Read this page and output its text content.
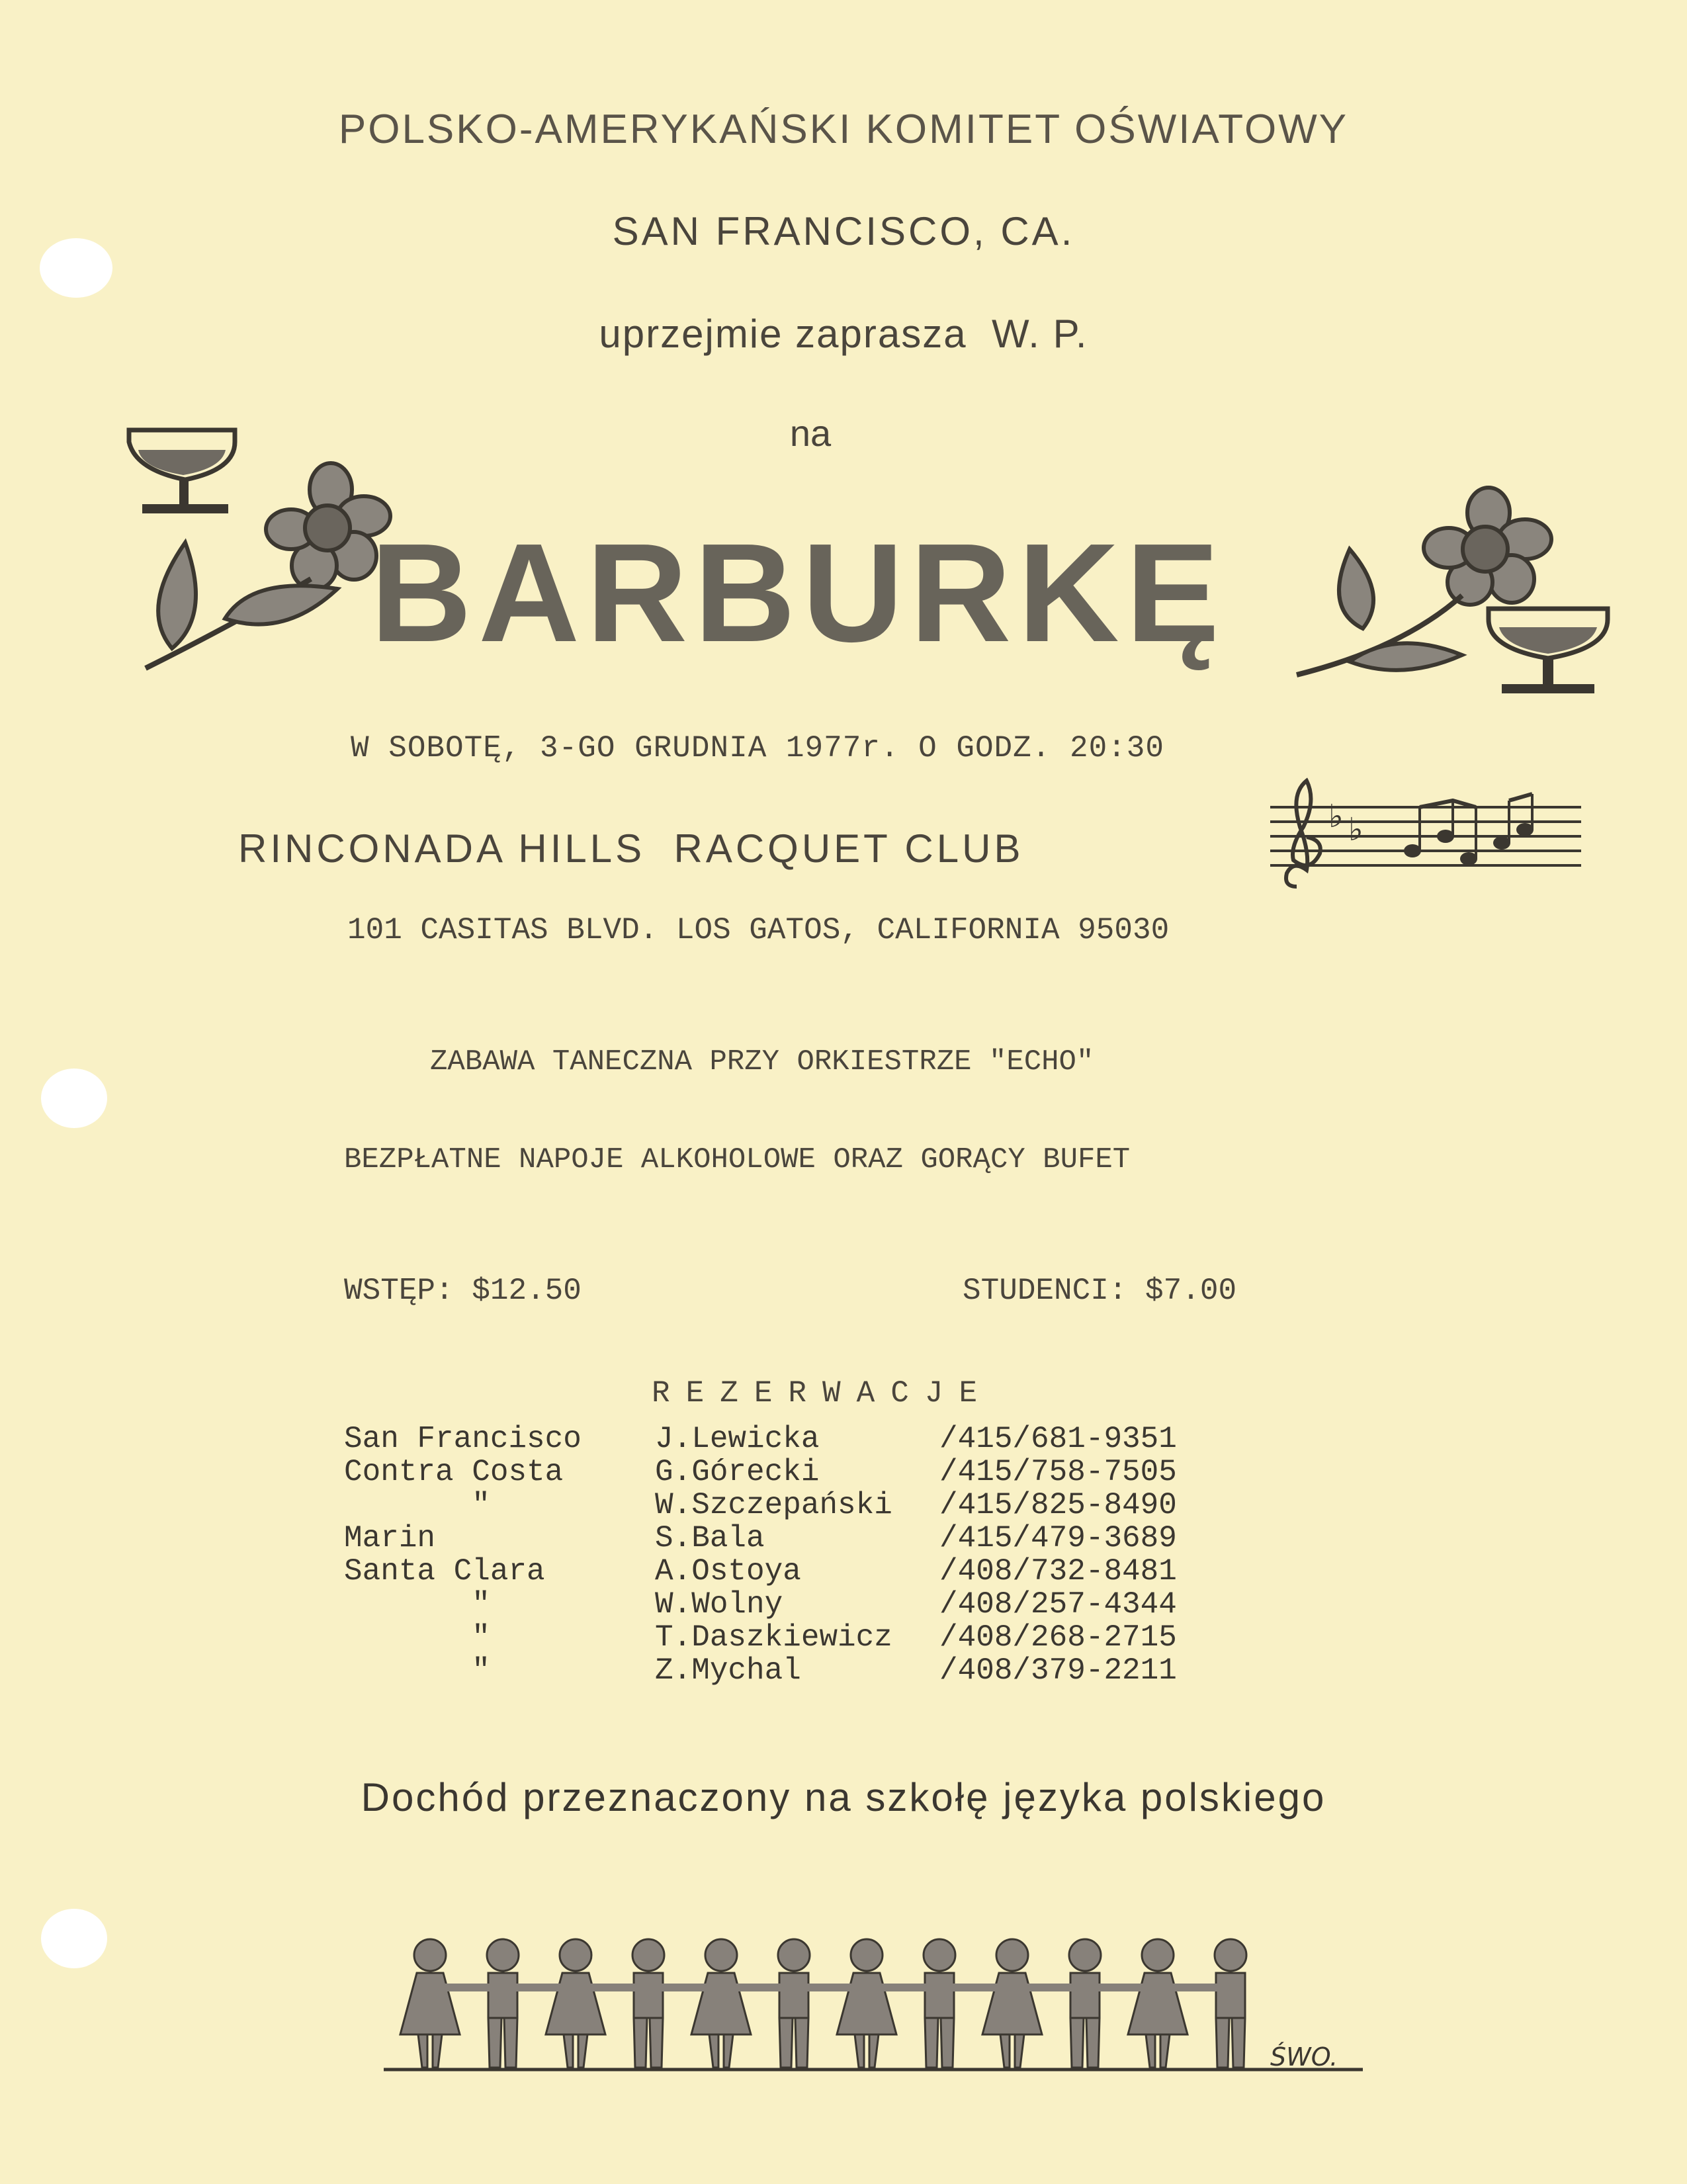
POLSKO-AMERYKAŃSKI KOMITET OŚWIATOWY
SAN FRANCISCO, CA.
uprzejmie zaprasza  W. P.
na
BARBURKĘ
W SOBOTĘ, 3-GO GRUDNIA 1977r. O GODZ. 20:30
RINCONADA HILLS  RACQUET CLUB
♭ ♭
101 CASITAS BLVD. LOS GATOS, CALIFORNIA 95030
ZABAWA TANECZNA PRZY ORKIESTRZE "ECHO"
BEZPŁATNE NAPOJE ALKOHOLOWE ORAZ GORĄCY BUFET
WSTĘP: $12.50	STUDENCI: $7.00
REZERWACJE
San Francisco	J.Lewicka	/415/681-9351
Contra Costa	G.Górecki	/415/758-7505
"	W.Szczepański	/415/825-8490
Marin	S.Bala	/415/479-3689
Santa Clara	A.Ostoya	/408/732-8481
"	W.Wolny	/408/257-4344
"	T.Daszkiewicz	/408/268-2715
"	Z.Mychal	/408/379-2211
Dochód przeznaczony na szkołę języka polskiego
ŚWO.
